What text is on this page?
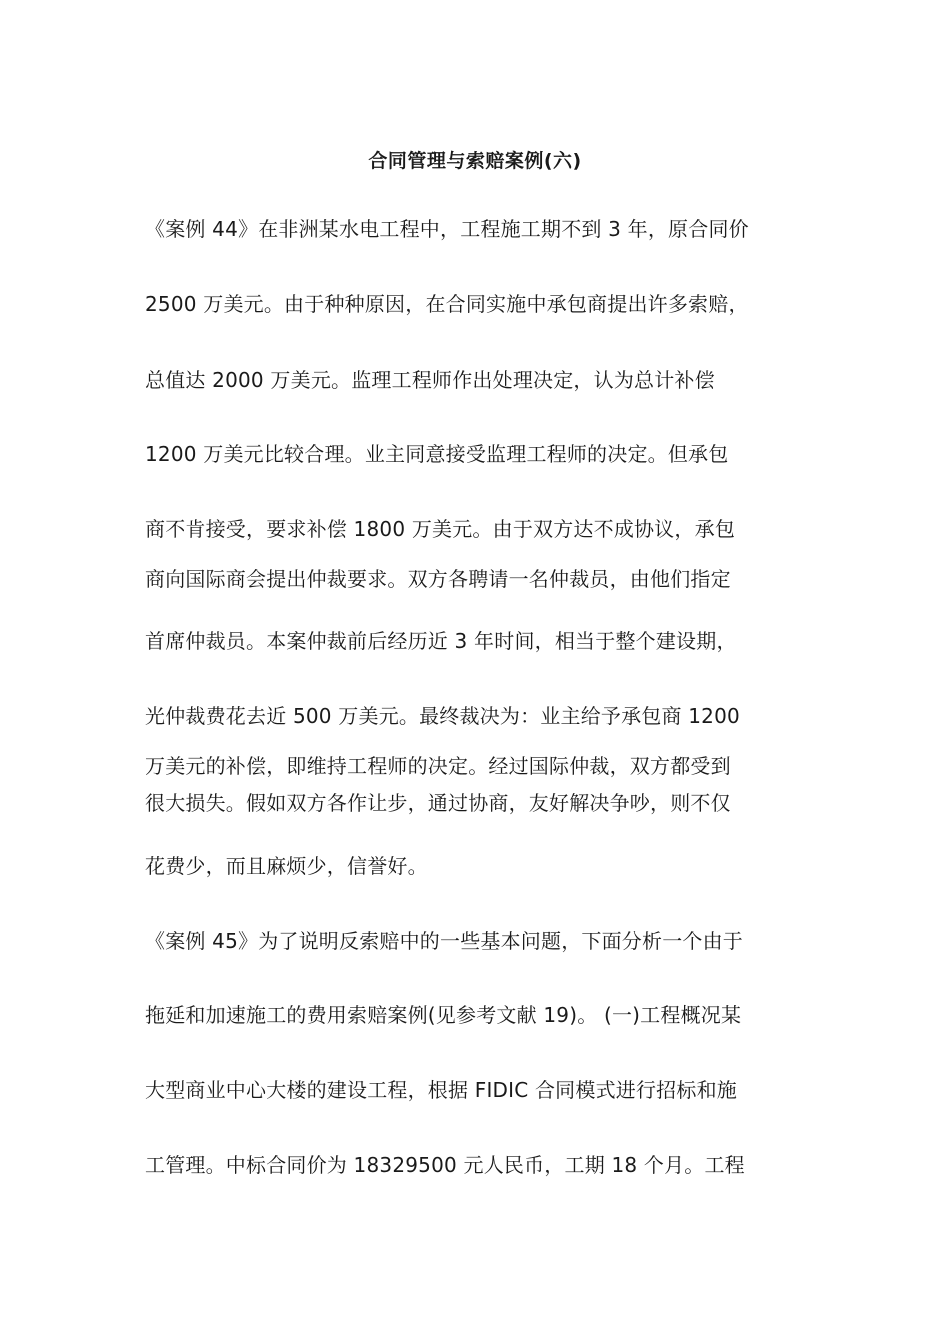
合同管理与索赔案例(六)
《案例 44》在非洲某水电工程中，工程施工期不到 3 年，原合同价
2500 万美元。由于种种原因，在合同实施中承包商提出许多索赔，
总值达 2000 万美元。监理工程师作出处理决定，认为总计补偿
1200 万美元比较合理。业主同意接受监理工程师的决定。但承包
商不肯接受，要求补偿 1800 万美元。由于双方达不成协议，承包
商向国际商会提出仲裁要求。双方各聘请一名仲裁员，由他们指定
首席仲裁员。本案仲裁前后经历近 3 年时间，相当于整个建设期，
光仲裁费花去近 500 万美元。最终裁决为：业主给予承包商 1200
万美元的补偿，即维持工程师的决定。经过国际仲裁，双方都受到
很大损失。假如双方各作让步，通过协商，友好解决争吵，则不仅
花费少，而且麻烦少，信誉好。
《案例 45》为了说明反索赔中的一些基本问题，下面分析一个由于
拖延和加速施工的费用索赔案例(见参考文献 19)。 (一)工程概况某
大型商业中心大楼的建设工程，根据 FIDIC 合同模式进行招标和施
工管理。中标合同价为 18329500 元人民币，工期 18 个月。工程
